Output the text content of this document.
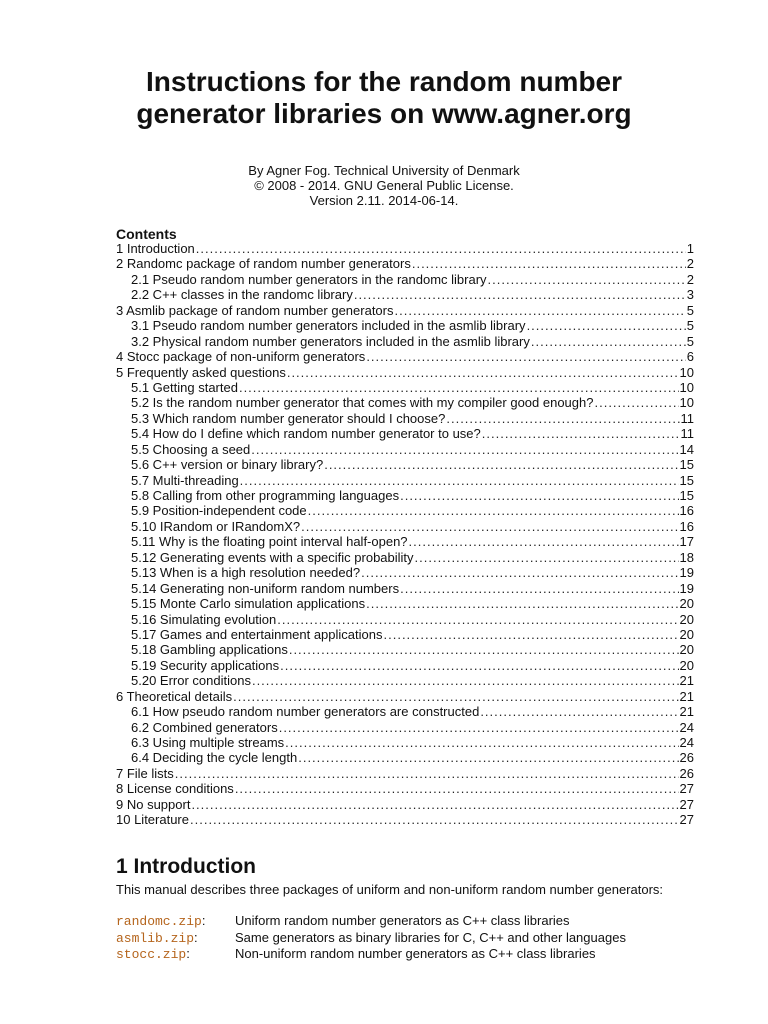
Instructions for the random number
generator libraries on www.agner.org
By Agner Fog. Technical University of Denmark
© 2008 - 2014. GNU General Public License.
Version 2.11. 2014-06-14.
Contents
1 Introduction .....	1
2 Randomc package of random number generators .....	2
2.1 Pseudo random number generators in the randomc library .....	2
2.2 C++ classes in the randomc library .....	3
3 Asmlib package of random number generators .....	5
3.1 Pseudo random number generators included in the asmlib library .....	5
3.2 Physical random number generators included in the asmlib library .....	5
4 Stocc package of non-uniform generators .....	6
5 Frequently asked questions .....	10
5.1 Getting started .....	10
5.2 Is the random number generator that comes with my compiler good enough? .....	10
5.3 Which random number generator should I choose? .....	11
5.4 How do I define which random number generator to use? .....	11
5.5 Choosing a seed .....	14
5.6 C++ version or binary library? .....	15
5.7 Multi-threading .....	15
5.8 Calling from other programming languages .....	15
5.9 Position-independent code .....	16
5.10 IRandom or IRandomX? .....	16
5.11 Why is the floating point interval half-open? .....	17
5.12 Generating events with a specific probability .....	18
5.13 When is a high resolution needed? .....	19
5.14 Generating non-uniform random numbers .....	19
5.15 Monte Carlo simulation applications .....	20
5.16 Simulating evolution .....	20
5.17 Games and entertainment applications .....	20
5.18 Gambling applications .....	20
5.19 Security applications .....	20
5.20 Error conditions .....	21
6 Theoretical details .....	21
6.1 How pseudo random number generators are constructed .....	21
6.2 Combined generators .....	24
6.3 Using multiple streams .....	24
6.4 Deciding the cycle length .....	26
7 File lists .....	26
8 License conditions .....	27
9 No support .....	27
10 Literature .....	27
1 Introduction
This manual describes three packages of uniform and non-uniform random number generators:
randomc.zip:	Uniform random number generators as C++ class libraries
asmlib.zip:	Same generators as binary libraries for C, C++ and other languages
stocc.zip:	Non-uniform random number generators as C++ class libraries
